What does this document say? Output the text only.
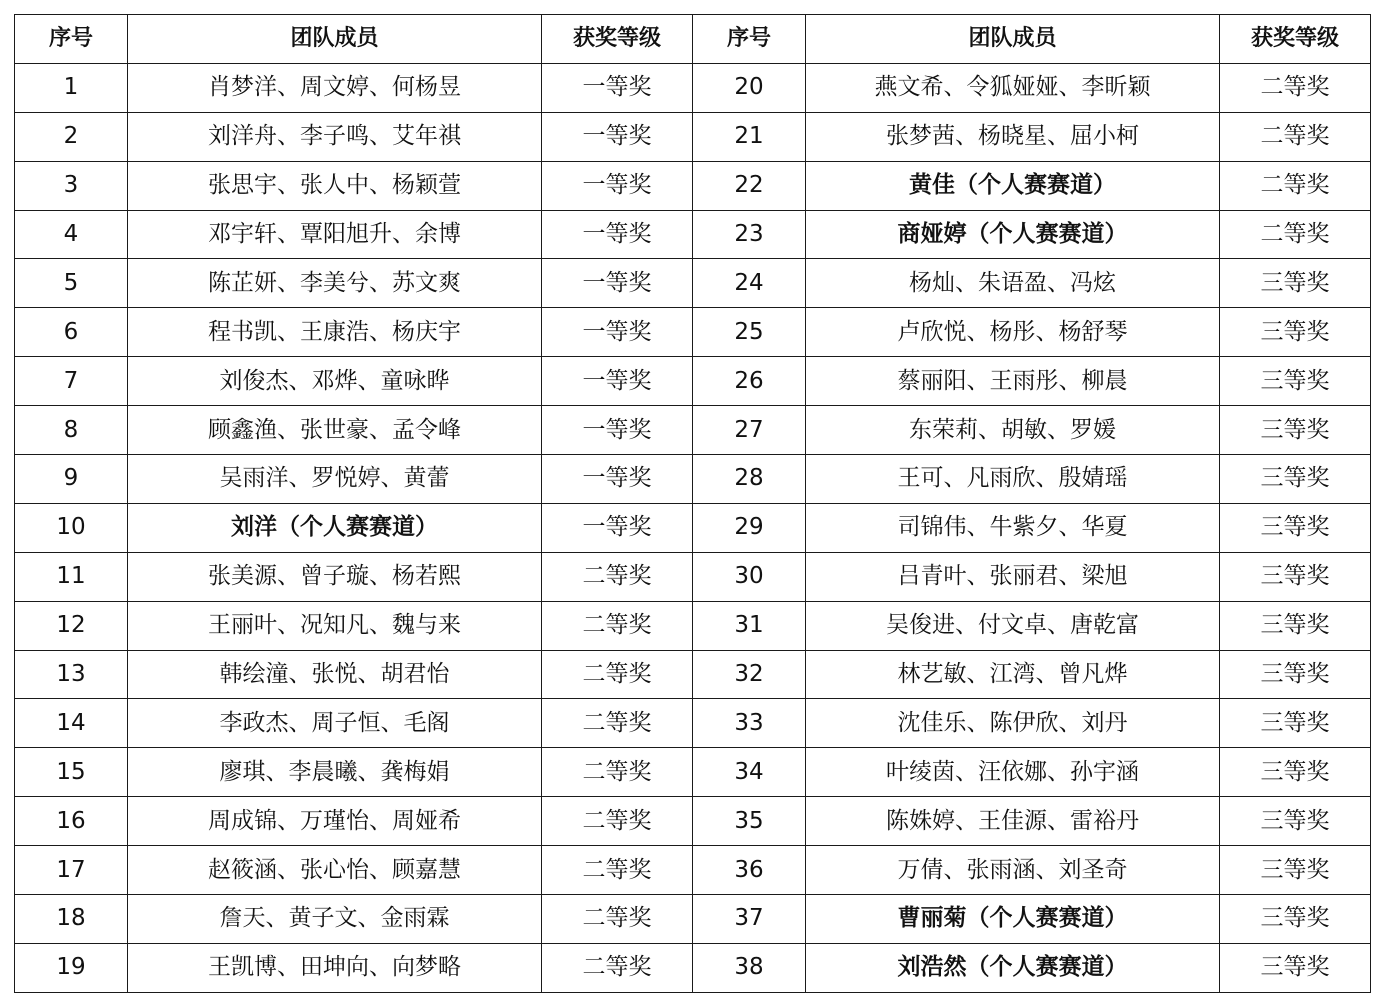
序号	团队成员	获奖等级	序号	团队成员	获奖等级
1	肖梦洋、周文婷、何杨昱	一等奖	20	燕文希、令狐娅娅、李昕颖	二等奖
2	刘洋舟、李子鸣、艾年祺	一等奖	21	张梦茜、杨晓星、屈小柯	二等奖
3	张思宇、张人中、杨颖萱	一等奖	22	黄佳（个人赛赛道）	二等奖
4	邓宇轩、覃阳旭升、余博	一等奖	23	商娅婷（个人赛赛道）	二等奖
5	陈芷妍、李美兮、苏文爽	一等奖	24	杨灿、朱语盈、冯炫	三等奖
6	程书凯、王康浩、杨庆宇	一等奖	25	卢欣悦、杨彤、杨舒琴	三等奖
7	刘俊杰、邓烨、童咏晔	一等奖	26	蔡丽阳、王雨彤、柳晨	三等奖
8	顾鑫渔、张世豪、孟令峰	一等奖	27	东荣莉、胡敏、罗媛	三等奖
9	吴雨洋、罗悦婷、黄蕾	一等奖	28	王可、凡雨欣、殷婧瑶	三等奖
10	刘洋（个人赛赛道）	一等奖	29	司锦伟、牛紫夕、华夏	三等奖
11	张美源、曾子璇、杨若熙	二等奖	30	吕青叶、张丽君、梁旭	三等奖
12	王丽叶、况知凡、魏与来	二等奖	31	吴俊进、付文卓、唐乾富	三等奖
13	韩绘潼、张悦、胡君怡	二等奖	32	林艺敏、江湾、曾凡烨	三等奖
14	李政杰、周子恒、毛阁	二等奖	33	沈佳乐、陈伊欣、刘丹	三等奖
15	廖琪、李晨曦、龚梅娟	二等奖	34	叶绫茵、汪依娜、孙宇涵	三等奖
16	周成锦、万瑾怡、周娅希	二等奖	35	陈姝婷、王佳源、雷裕丹	三等奖
17	赵筱涵、张心怡、顾嘉慧	二等奖	36	万倩、张雨涵、刘圣奇	三等奖
18	詹天、黄子文、金雨霖	二等奖	37	曹丽菊（个人赛赛道）	三等奖
19	王凯博、田坤向、向梦略	二等奖	38	刘浩然（个人赛赛道）	三等奖
